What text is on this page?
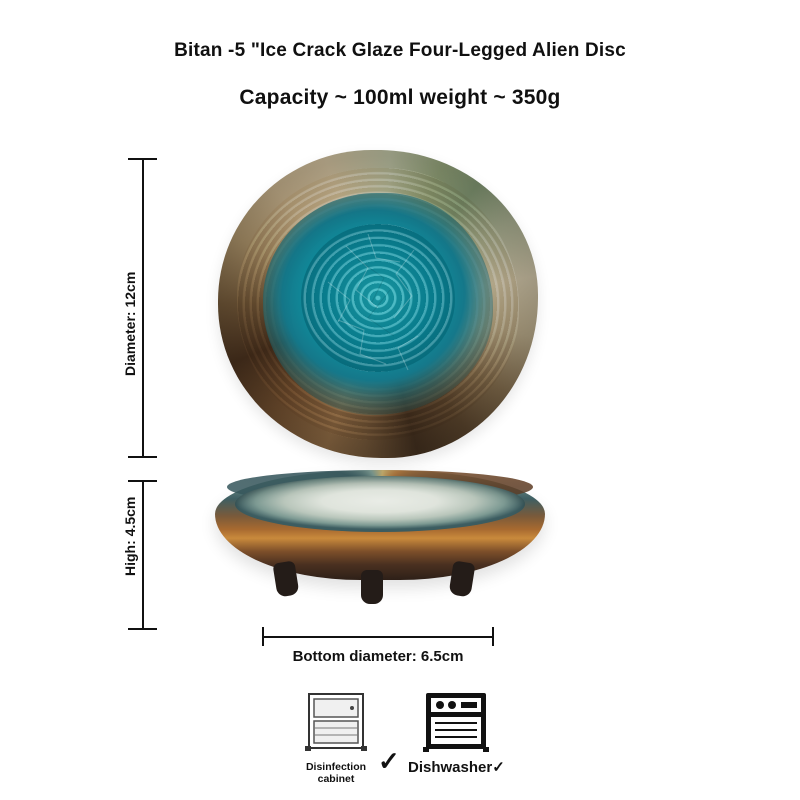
Bitan -5 "Ice Crack Glaze Four-Legged Alien Disc
Capacity ~ 100ml weight ~ 350g
Diameter: 12cm
High: 4.5cm
Bottom diameter: 6.5cm
Disinfection
cabinet
✓ Dishwasher✓
